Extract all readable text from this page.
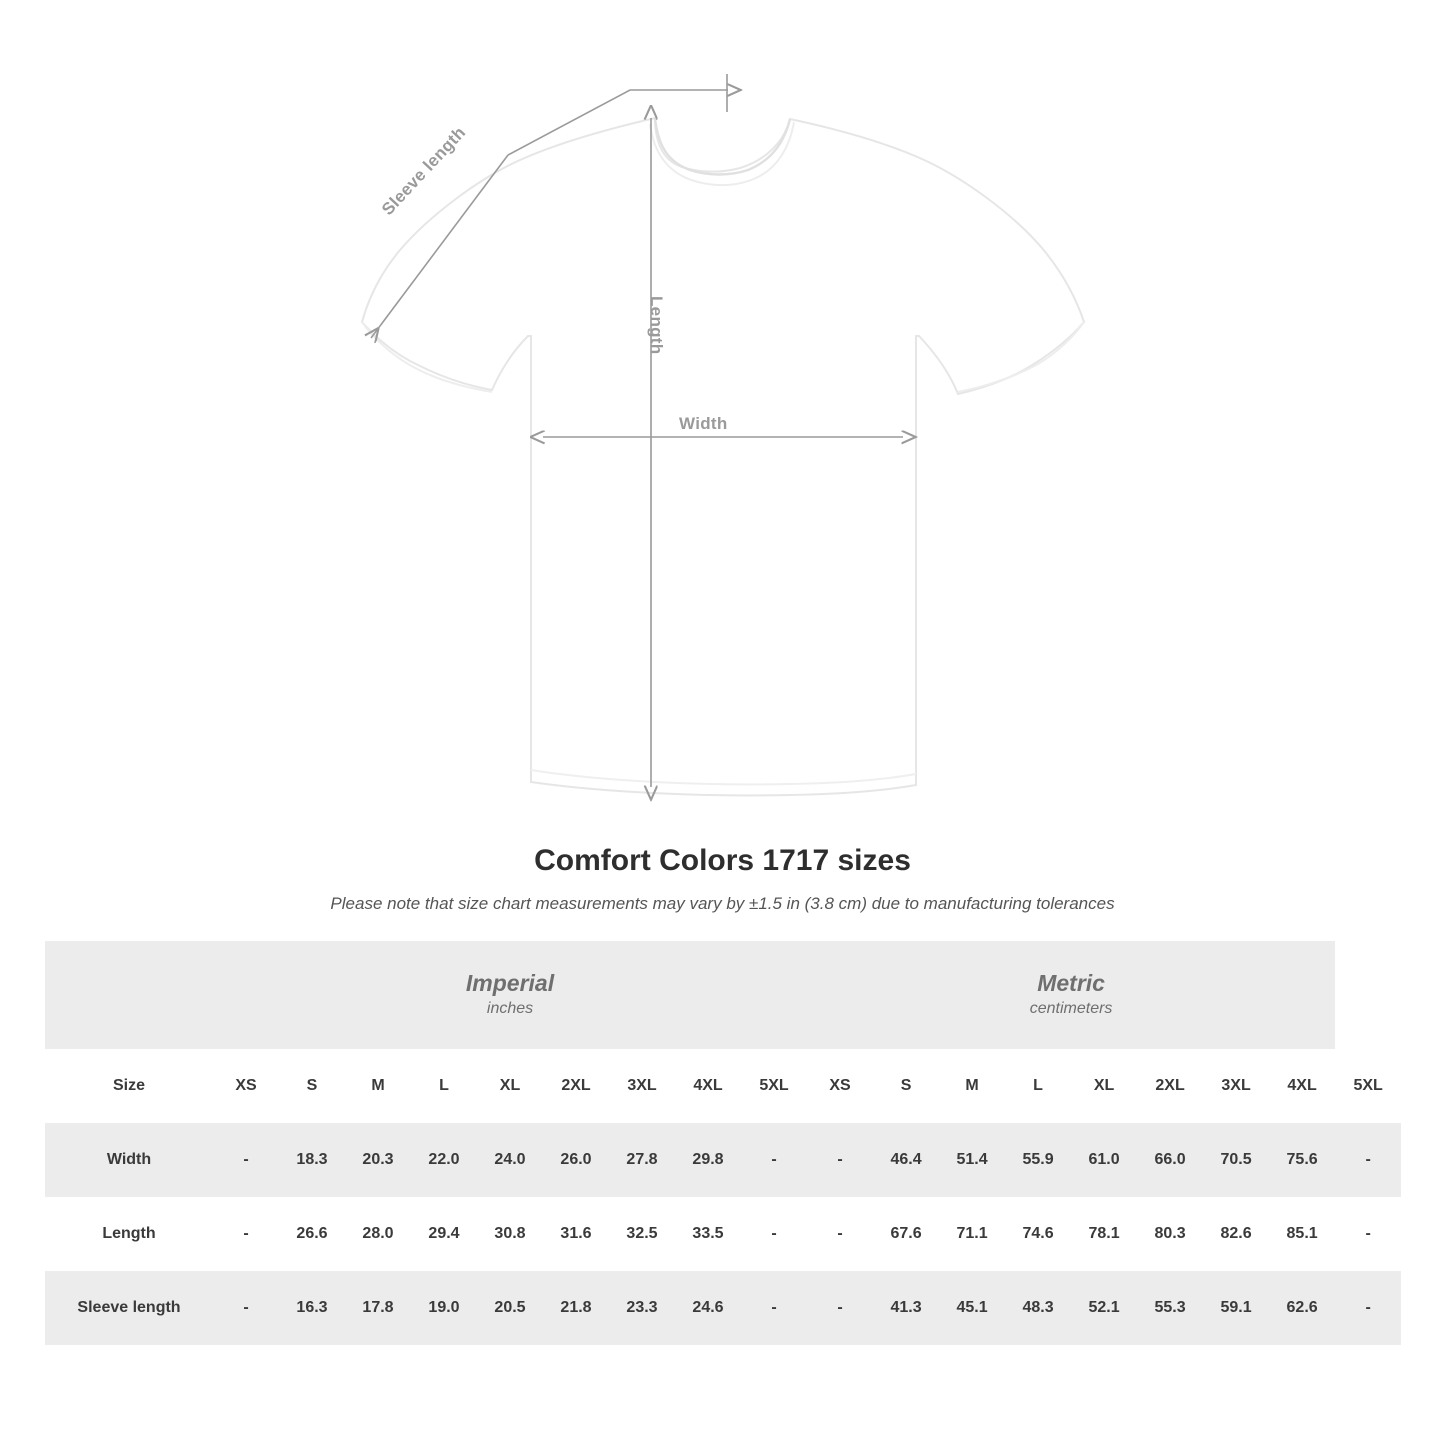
Width
Length
Sleeve length
Comfort Colors 1717 sizes

Please note that size chart measurements may vary by ±1.5 in (3.8 cm) due to manufacturing tolerances

Imperial
inches

Metric
centimeters

Size	XS	S	M	L	XL	2XL	3XL	4XL	5XL	XS	S	M	L	XL	2XL	3XL	4XL	5XL
Width	-	18.3	20.3	22.0	24.0	26.0	27.8	29.8	-	-	46.4	51.4	55.9	61.0	66.0	70.5	75.6	-
Length	-	26.6	28.0	29.4	30.8	31.6	32.5	33.5	-	-	67.6	71.1	74.6	78.1	80.3	82.6	85.1	-
Sleeve length	-	16.3	17.8	19.0	20.5	21.8	23.3	24.6	-	-	41.3	45.1	48.3	52.1	55.3	59.1	62.6	-
